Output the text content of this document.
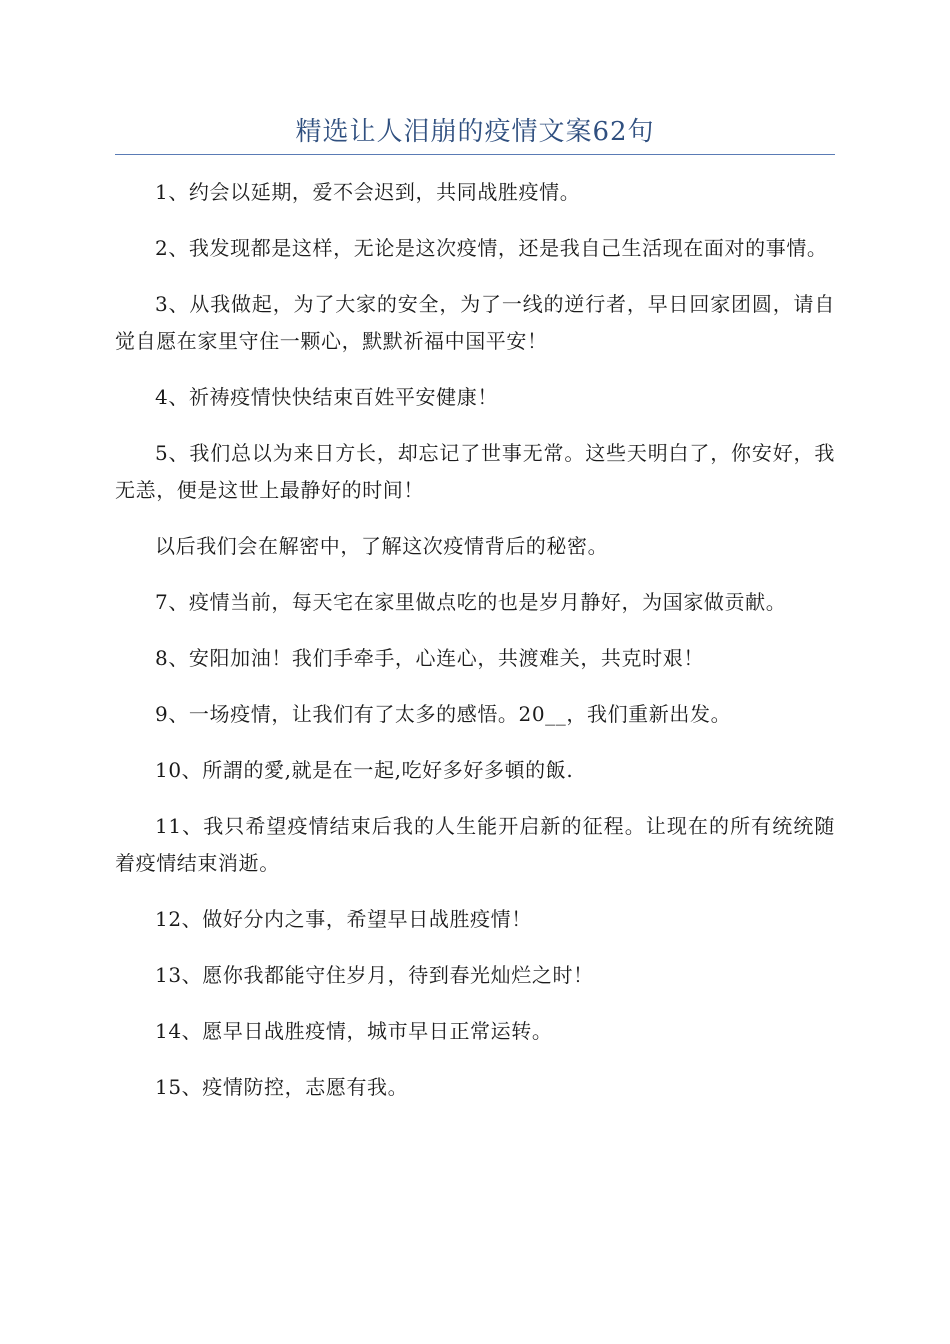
精选让人泪崩的疫情文案62句

1、约会以延期，爱不会迟到，共同战胜疫情。

2、我发现都是这样，无论是这次疫情，还是我自己生活现在面对的事情。

3、从我做起，为了大家的安全，为了一线的逆行者，早日回家团圆，请自觉自愿在家里守住一颗心，默默祈福中国平安！

4、祈祷疫情快快结束百姓平安健康！

5、我们总以为来日方长，却忘记了世事无常。这些天明白了，你安好，我无恙，便是这世上最静好的时间！

以后我们会在解密中，了解这次疫情背后的秘密。

7、疫情当前，每天宅在家里做点吃的也是岁月静好，为国家做贡献。

8、安阳加油！我们手牵手，心连心，共渡难关，共克时艰！

9、一场疫情，让我们有了太多的感悟。20__，我们重新出发。

10、所謂的愛,就是在一起,吃好多好多頓的飯.

11、我只希望疫情结束后我的人生能开启新的征程。让现在的所有统统随着疫情结束消逝。

12、做好分内之事，希望早日战胜疫情！

13、愿你我都能守住岁月，待到春光灿烂之时！

14、愿早日战胜疫情，城市早日正常运转。

15、疫情防控，志愿有我。
